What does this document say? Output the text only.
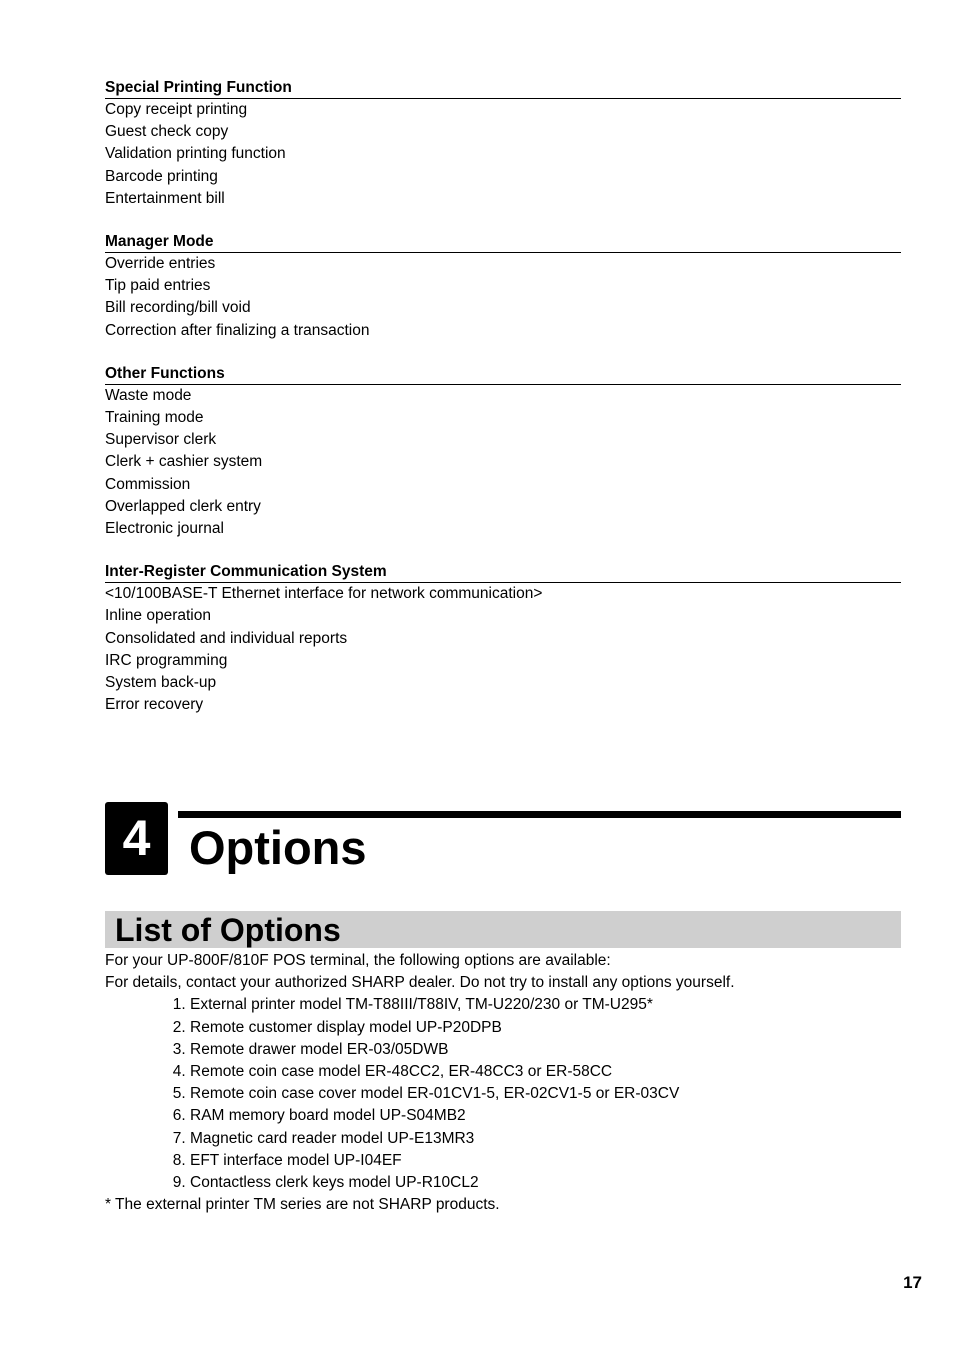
Special Printing Function
Copy receipt printing
Guest check copy
Validation printing function
Barcode printing
Entertainment bill
Manager Mode
Override entries
Tip paid entries
Bill recording/bill void
Correction after finalizing a transaction
Other Functions
Waste mode
Training mode
Supervisor clerk
Clerk + cashier system
Commission
Overlapped clerk entry
Electronic journal
Inter-Register Communication System
<10/100BASE-T Ethernet interface for network communication>
Inline operation
Consolidated and individual reports
IRC programming
System back-up
Error recovery
4 Options
List of Options

For your UP-800F/810F POS terminal, the following options are available:

For details, contact your authorized SHARP dealer. Do not try to install any options yourself.

1. External printer model TM-T88III/T88IV, TM-U220/230 or TM-U295*
2. Remote customer display model UP-P20DPB
3. Remote drawer model ER-03/05DWB
4. Remote coin case model ER-48CC2, ER-48CC3 or ER-58CC
5. Remote coin case cover model ER-01CV1-5, ER-02CV1-5 or ER-03CV
6. RAM memory board model UP-S04MB2
7. Magnetic card reader model UP-E13MR3
8. EFT interface model UP-I04EF
9. Contactless clerk keys model UP-R10CL2

* The external printer TM series are not SHARP products.

17
